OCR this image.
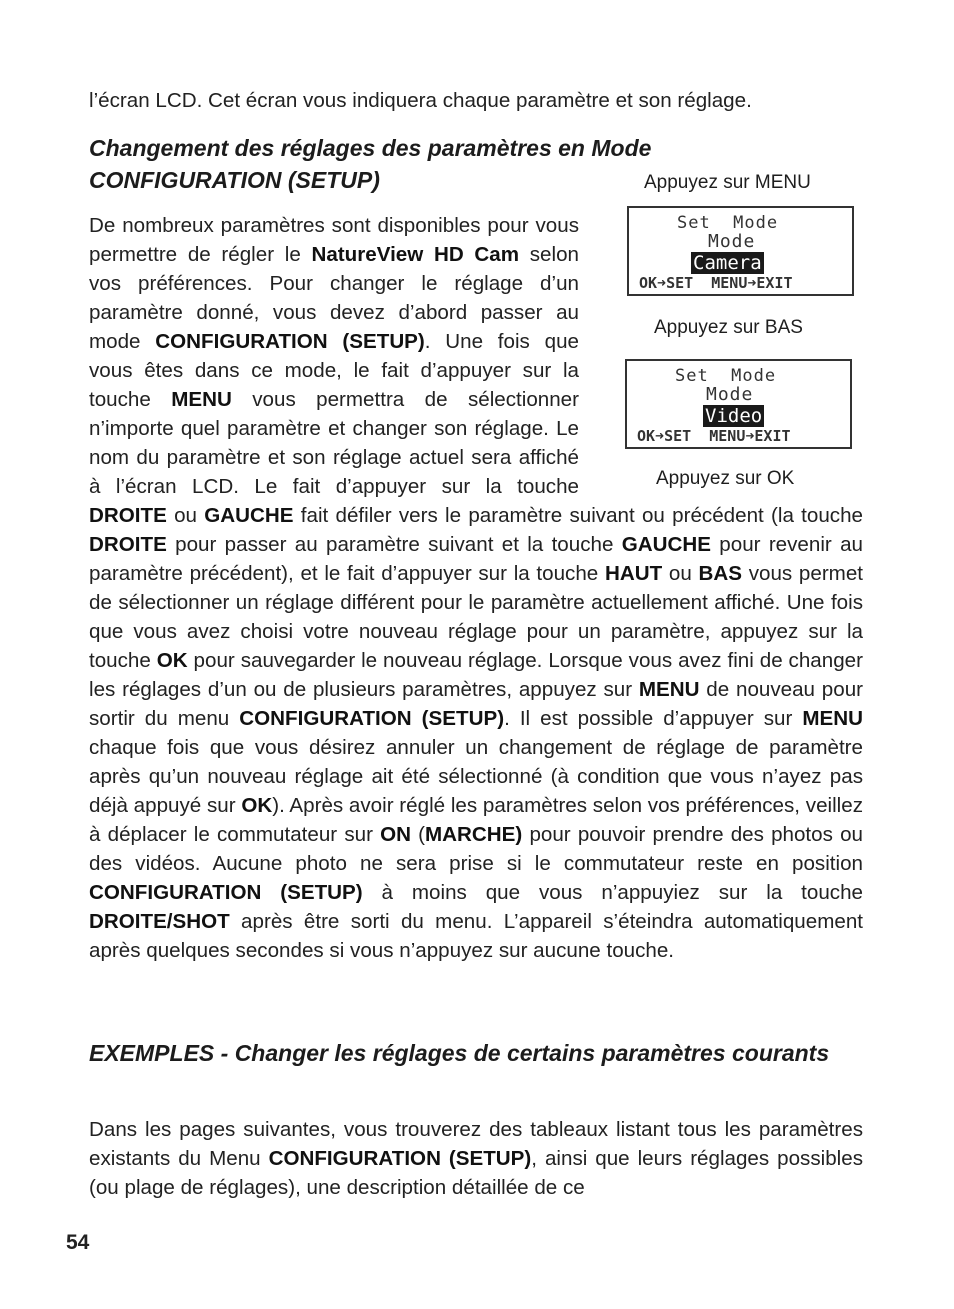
l’écran LCD. Cet écran vous indiquera chaque paramètre et son réglage.
Changement des réglages des paramètres en Mode CONFIGURATION (SETUP)	Appuyez sur MENU
Set  Mode
Mode
Camera
OK➜SET  MENU➜EXIT
Appuyez sur BAS
Set  Mode
Mode
Video
OK➜SET  MENU➜EXIT
Appuyez sur OK
De nombreux paramètres sont disponibles pour vous permettre de régler le NatureView HD Cam selon vos préférences. Pour changer le réglage d’un paramètre donné, vous devez d’abord passer au mode CONFIGURATION (SETUP). Une fois que vous êtes dans ce mode, le fait d’appuyer sur la touche MENU vous permettra de sélectionner n’importe quel paramètre et changer son réglage. Le nom du paramètre et son réglage actuel sera affiché à l’écran LCD. Le fait d’appuyer sur la touche DROITE ou GAUCHE fait défiler vers le paramètre suivant ou précédent (la touche DROITE pour passer au paramètre suivant et la touche GAUCHE pour revenir au paramètre précédent), et le fait d’appuyer sur la touche HAUT ou BAS vous permet de sélectionner un réglage différent pour le paramètre actuellement affiché. Une fois que vous avez choisi votre nouveau réglage pour un paramètre, appuyez sur la touche OK pour sauvegarder le nouveau réglage. Lorsque vous avez fini de changer les réglages d’un ou de plusieurs paramètres, appuyez sur MENU de nouveau pour sortir du menu CONFIGURATION (SETUP). Il est possible d’appuyer sur MENU chaque fois que vous désirez annuler un changement de réglage de paramètre après qu’un nouveau réglage ait été sélectionné (à condition que vous n’ayez pas déjà appuyé sur OK). Après avoir réglé les paramètres selon vos préférences, veillez à déplacer le commutateur sur ON (MARCHE) pour pouvoir prendre des photos ou des vidéos. Aucune photo ne sera prise si le commutateur reste en position CONFIGURATION (SETUP) à moins que vous n’appuyiez sur la touche DROITE/SHOT après être sorti du menu. L’appareil s’éteindra automatiquement après quelques secondes si vous n’appuyez sur aucune touche.
EXEMPLES - Changer les réglages de certains paramètres courants
Dans les pages suivantes, vous trouverez des tableaux listant tous les paramètres existants du Menu CONFIGURATION (SETUP), ainsi que leurs réglages possibles (ou plage de réglages), une description détaillée de ce
54
